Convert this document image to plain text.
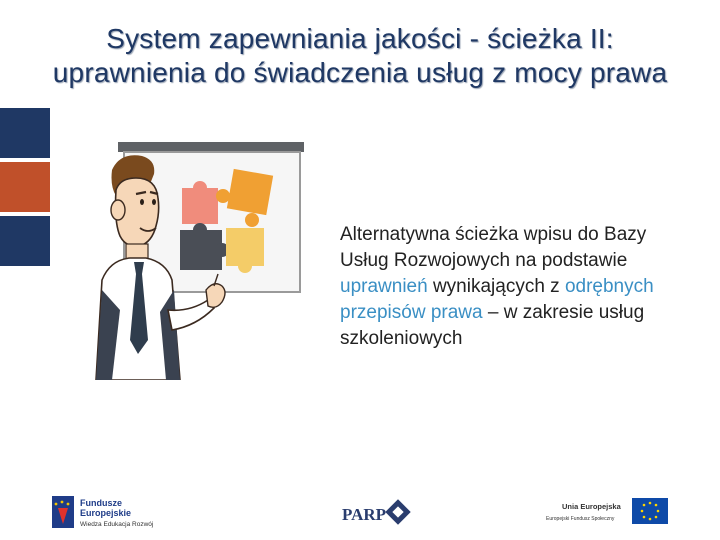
System zapewniania jakości - ścieżka II: uprawnienia do świadczenia usług z mocy prawa
Alternatywna ścieżka wpisu do Bazy Usług Rozwojowych na podstawie uprawnień wynikających z odrębnych przepisów prawa – w zakresie usług szkoleniowych
Fundusze
Europejskie
Wiedza Edukacja Rozwój
PARP	Unia Europejska
Europejski Fundusz Społeczny
